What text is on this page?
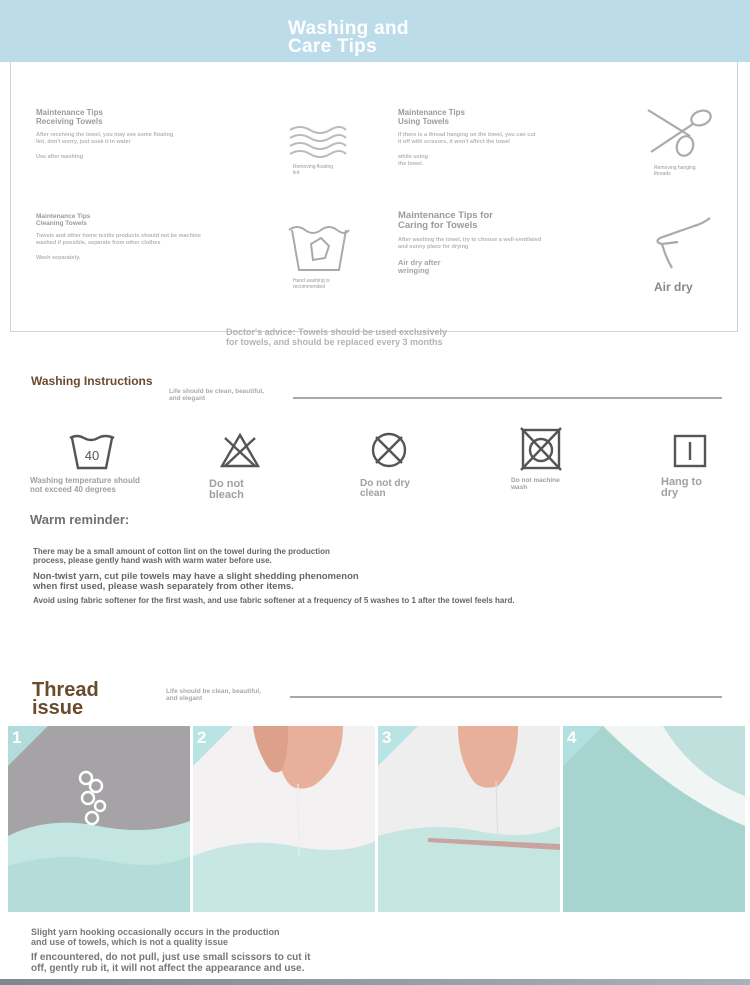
Washing and
Care Tips
Maintenance Tips
Receiving Towels
After receiving the towel, you may see some floating
lint, don't worry, just soak it in water
Use after washing
Removing floating
lint
Maintenance Tips
Using Towels
If there is a thread hanging on the towel, you can cut
it off with scissors, it won't affect the towel
while using
the towel.
Removing hanging
threads
Maintenance Tips
Cleaning Towels
Towels and other home textile products should not be machine
washed if possible, separate from other clothes
Wash separately.
Hand washing is
recommended
Maintenance Tips for
Caring for Towels
After washing the towel, try to choose a well-ventilated
and sunny place for drying
Air dry after
wringing
Air dry
Doctor's advice: Towels should be used exclusively
for towels, and should be replaced every 3 months
Washing Instructions
Life should be clean, beautiful,
and elegant
40
Washing temperature should
not exceed 40 degrees	Do not
bleach
Do not dry
clean
Do not machine
wash	Hang to
dry
Warm reminder:
There may be a small amount of cotton lint on the towel during the production
process, please gently hand wash with warm water before use.
Non-twist yarn, cut pile towels may have a slight shedding phenomenon
when first used, please wash separately from other items.
Avoid using fabric softener for the first wash, and use fabric softener at a frequency of 5 washes to 1 after the towel feels hard.
Thread
issue
Life should be clean, beautiful,
and elegant
1	2	3	4
Slight yarn hooking occasionally occurs in the production
and use of towels, which is not a quality issue
If encountered, do not pull, just use small scissors to cut it
off, gently rub it, it will not affect the appearance and use.
